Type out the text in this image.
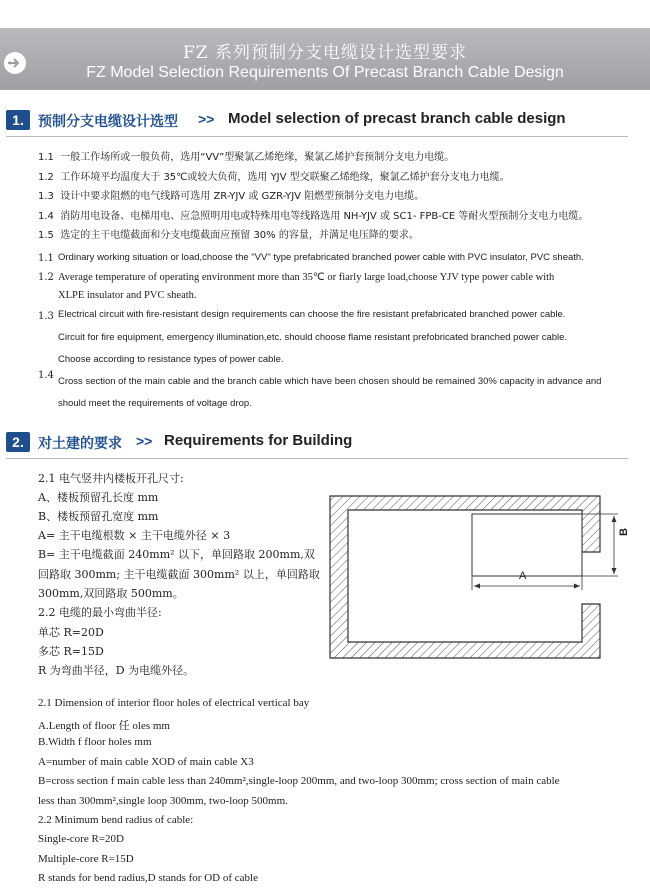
FZ 系列预制分支电缆设计选型要求
FZ Model Selection Requirements Of Precast Branch Cable Design
1.	预制分支电缆设计选型 >> Model selection of precast branch cable design
1.1 一般工作场所或一般负荷，选用“VV”型聚氯乙烯绝缘，聚氯乙烯护套预制分支电力电缆。
1.2 工作环境平均温度大于 35℃或较大负荷，选用 YJV 型交联聚乙烯绝缘，聚氯乙烯护套分支电力电缆。
1.3 设计中要求阻燃的电气线路可选用 ZR-YJV 或 GZR-YJV 阻燃型预制分支电力电缆。
1.4 消防用电设备、电梯用电、应急照明用电或特殊用电等线路选用 NH-YJV 或 SC1- FPB-CE 等耐火型预制分支电力电缆。
1.5 选定的主干电缆截面和分支电缆截面应预留 30% 的容量，并满足电压降的要求。
1.1 Ordinary working situation or load,choose the "VV" type prefabricated branched power cable with PVC insulator, PVC sheath.
1.2 Average temperature of operating environment more than 35℃ or fiarly large load,choose YJV type power cable with
XLPE insulator and PVC sheath.
1.3 Electrical circuit with fire-resistant design requirements can choose the fire resistant prefabricated branched power cable.
Circuit for fire equipment, emergency illumination,etc. should choose flame resistant prefobricated branched power cable.
Choose according to resistance types of power cable.
1.4
Cross section of the main cable and the branch cable which have been chosen should be remained 30% capacity in advance and
should meet the requirements of voltage drop.
2.	对土建的要求 >> Requirements for Building
2.1 电气竖井内楼板开孔尺寸:
A、楼板预留孔长度 mm
B、楼板预留孔宽度 mm
A= 主干电缆根数 × 主干电缆外径 × 3
B= 主干电缆截面 240mm² 以下，单回路取 200mm,双
回路取 300mm; 主干电缆截面 300mm² 以上，单回路取
300mm,双回路取 500mm。
2.2 电缆的最小弯曲半径:
单芯 R=20D
多芯 R=15D
R 为弯曲半径，D 为电缆外径。
A
B
2.1 Dimension of interior floor holes of electrical vertical bay
A.Length of floor 任 oles mm
B.Width f floor holes mm
A=number of main cable XOD of main cable X3
B=cross section f main cable less than 240mm²,single-loop 200mm, and two-loop 300mm; cross section of main cable
less than 300mm²,single loop 300mm, two-loop 500mm.
2.2 Minimum bend radius of cable:
Single-core R=20D
Multiple-core R=15D
R stands for bend radius,D stands for OD of cable
